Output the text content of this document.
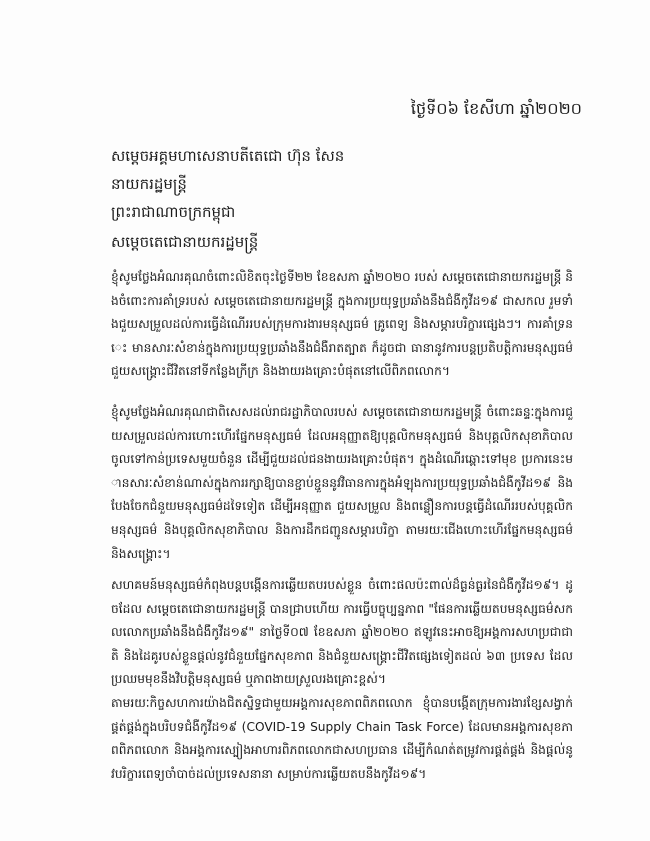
ថ្ងៃទី០៦ ខែសីហា ឆ្នាំ២០២០
សម្ដេចអគ្គមហាសេនាបតីតេជោ ហ៊ុន សែន
នាយករដ្ឋមន្ត្រី
ព្រះរាជាណាចក្រកម្ពុជា
សម្ដេចតេជោនាយករដ្ឋមន្ត្រី
ខ្ញុំសូមថ្លែងអំណរគុណចំពោះលិខិតចុះថ្ងៃទី២២ ខែឧសភា ឆ្នាំ២០២០ របស់ សម្ដេចតេជោនាយករដ្ឋមន្ត្រី និងចំពោះការគាំទ្ររបស់ សម្ដេចតេជោនាយករដ្ឋមន្ត្រី ក្នុងការប្រយុទ្ធប្រឆាំងនឹងជំងឺកូវីដ១៩ ជាសកល រួមទាំងជួយសម្រួលដល់ការធ្វើដំណើររបស់ក្រុមការងារមនុស្សធម៌ គ្រូពេទ្យ និងសម្ភារបរិក្ខារផ្សេងៗ។ ការគាំទ្រនេះ មានសារៈសំខាន់ក្នុងការប្រយុទ្ធប្រឆាំងនឹងជំងឺរាតត្បាត ក៏ដូចជា ធានានូវការបន្តប្រតិបត្តិការមនុស្សធម៌ជួយសង្គ្រោះជីវិតនៅទីកន្លែងក្រីក្រ និងងាយរងគ្រោះបំផុតនៅលើពិភពលោក។
ខ្ញុំសូមថ្លែងអំណរគុណជាពិសេសដល់រាជរដ្ឋាភិបាលរបស់ សម្ដេចតេជោនាយករដ្ឋមន្ត្រី ចំពោះឆន្ទៈក្នុងការជួយសម្រួលដល់ការហោះហើរផ្នែកមនុស្សធម៌ ដែលអនុញ្ញាតឱ្យបុគ្គលិកមនុស្សធម៌ និងបុគ្គលិកសុខាភិបាលចូលទៅកាន់ប្រទេសមួយចំនួន ដើម្បីជួយដល់ជនងាយរងគ្រោះបំផុត។ ក្នុងដំណើរឆ្ពោះទៅមុខ ប្រការនេះមានសារៈសំខាន់ណាស់ក្នុងការរក្សាឱ្យបានខ្ជាប់ខ្ជួននូវវិធានការក្នុងអំឡុងការប្រយុទ្ធប្រឆាំងជំងឺកូវីដ១៩ និងបែងចែកជំនួយមនុស្សធម៌ដទៃទៀត ដើម្បីអនុញ្ញាត ជួយសម្រួល និងពន្លឿនការបន្តធ្វើដំណើររបស់បុគ្គលិកមនុស្សធម៌ និងបុគ្គលិកសុខាភិបាល និងការដឹកជញ្ជូនសម្ភារបរិក្ខា តាមរយៈជើងហោះហើរផ្នែកមនុស្សធម៌ និងសង្គ្រោះ។
សហគមន៍មនុស្សធម៌កំពុងបន្តបង្កើនការឆ្លើយតបរបស់ខ្លួន ចំពោះផលប៉ះពាល់ដ៏ធ្ងន់ធ្ងរនៃជំងឺកូវីដ១៩។ ដូចដែល សម្ដេចតេជោនាយករដ្ឋមន្ត្រី បានជ្រាបហើយ ការធ្វើបច្ចុប្បន្នភាព "ផែនការឆ្លើយតបមនុស្សធម៌សកលលោកប្រឆាំងនឹងជំងឺកូវីដ១៩" នាថ្ងៃទី០៧ ខែឧសភា ឆ្នាំ២០២០ ឥឡូវនេះអាចឱ្យអង្គការសហប្រជាជាតិ និងដៃគូរបស់ខ្លួនផ្ដល់នូវជំនួយផ្នែកសុខភាព និងជំនួយសង្គ្រោះជីវិតផ្សេងទៀតដល់ ៦៣ ប្រទេស ដែលប្រឈមមុខនឹងវិបត្តិមនុស្សធម៌ ឬភាពងាយស្រួលរងគ្រោះខ្ពស់។
តាមរយៈកិច្ចសហការយ៉ាងជិតស្និទ្ធជាមួយអង្គការសុខភាពពិភពលោក ខ្ញុំបានបង្កើតក្រុមការងារខ្សែសង្វាក់ផ្គត់ផ្គង់ក្នុងបរិបទជំងឺកូវីដ១៩ (COVID-19 Supply Chain Task Force) ដែលមានអង្គការសុខភាពពិភពលោក និងអង្គការស្បៀងអាហារពិភពលោកជាសហប្រធាន ដើម្បីកំណត់តម្រូវការផ្គត់ផ្គង់ និងផ្ដល់នូវបរិក្ខារពេទ្យចាំបាច់ដល់ប្រទេសនានា សម្រាប់ការឆ្លើយតបនឹងកូវីដ១៩។
